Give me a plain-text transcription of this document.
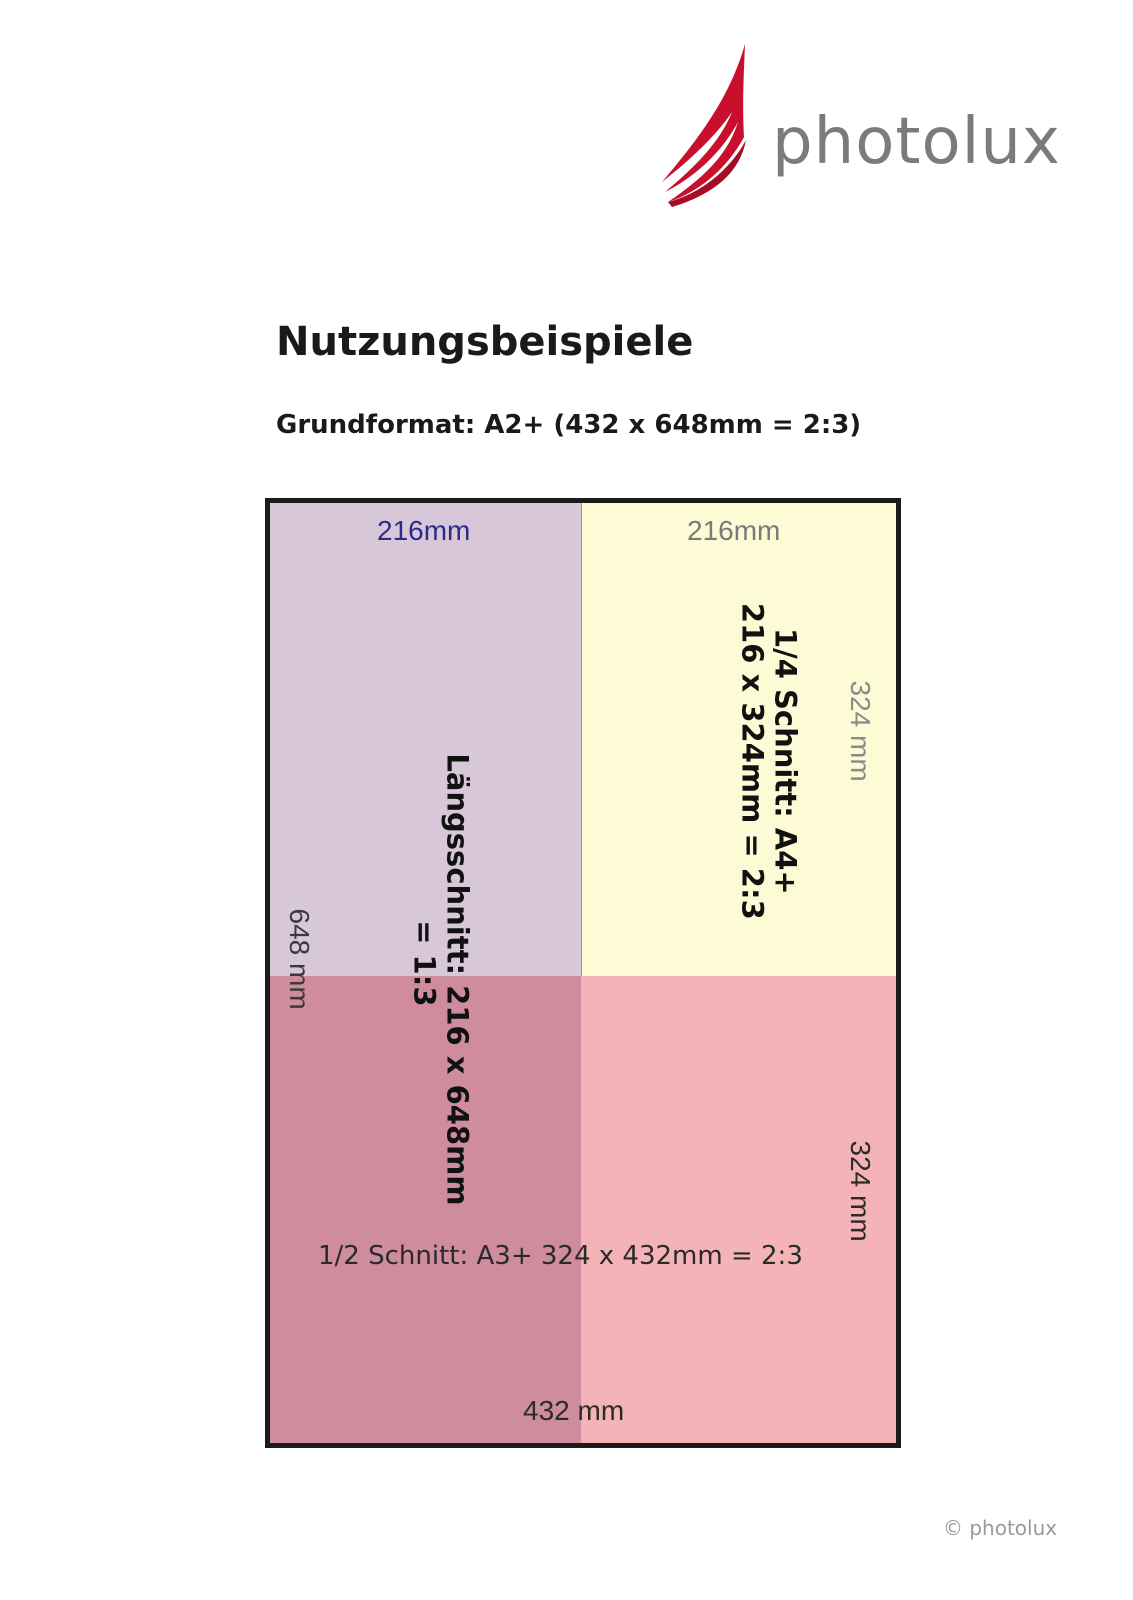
photolux
Nutzungsbeispiele
Grundformat: A2+ (432 x 648mm = 2:3)
216mm	216mm
1/4 Schnitt: A4+
216 x 324mm = 2:3	324 mm
Längsschnitt: 216 x 648mm
= 1:3
648 mm
1/2 Schnitt: A3+ 324 x 432mm = 2:3
324 mm
432 mm
© photolux
